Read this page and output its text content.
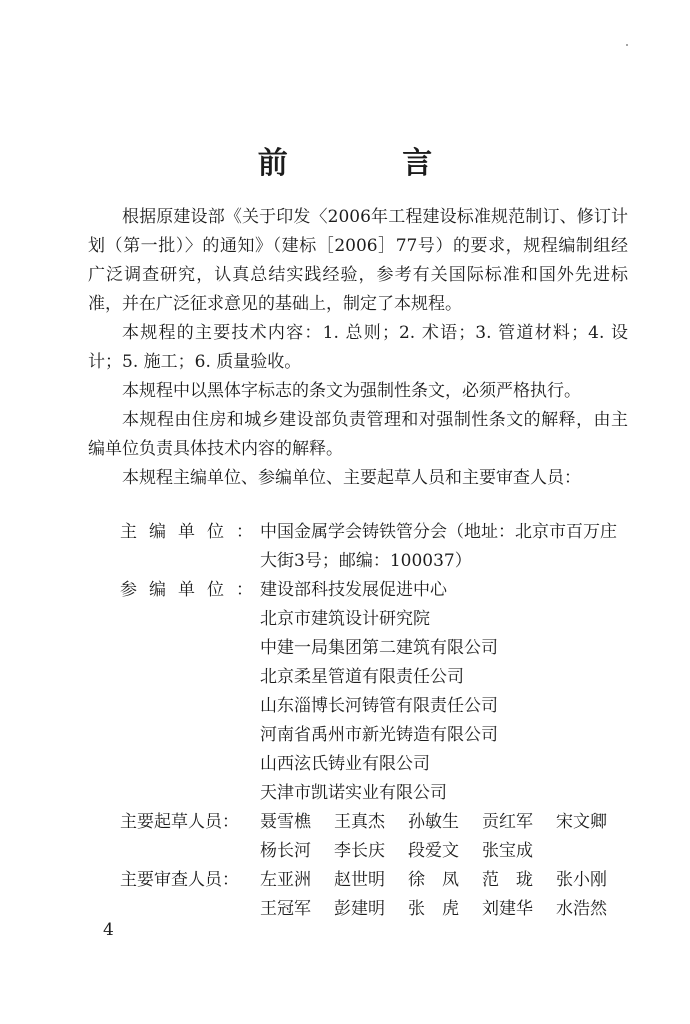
前 言

根据原建设部《关于印发〈2006年工程建设标准规范制订、修订计划（第一批）〉的通知》（建标［2006］77号）的要求，规程编制组经广泛调查研究，认真总结实践经验，参考有关国际标准和国外先进标准，并在广泛征求意见的基础上，制定了本规程。

本规程的主要技术内容：1. 总则；2. 术语；3. 管道材料；4. 设计；5. 施工；6. 质量验收。

本规程中以黑体字标志的条文为强制性条文，必须严格执行。

本规程由住房和城乡建设部负责管理和对强制性条文的解释，由主编单位负责具体技术内容的解释。

本规程主编单位、参编单位、主要起草人员和主要审查人员：

主编单位：
中国金属学会铸铁管分会（地址：北京市百万庄大街3号；邮编：100037）
参编单位：
建设部科技发展促进中心
北京市建筑设计研究院
中建一局集团第二建筑有限公司
北京柔星管道有限责任公司
山东淄博长河铸管有限责任公司
河南省禹州市新光铸造有限公司
山西泫氏铸业有限公司
天津市凯诺实业有限公司
主要起草人员：	聂雪樵	王真杰	孙敏生	贡红军	宋文卿
杨长河	李长庆	段爱文	张宝成
主要审查人员：	左亚洲	赵世明	徐　凤	范　珑	张小刚
王冠军	彭建明	张　虎	刘建华	水浩然
4
